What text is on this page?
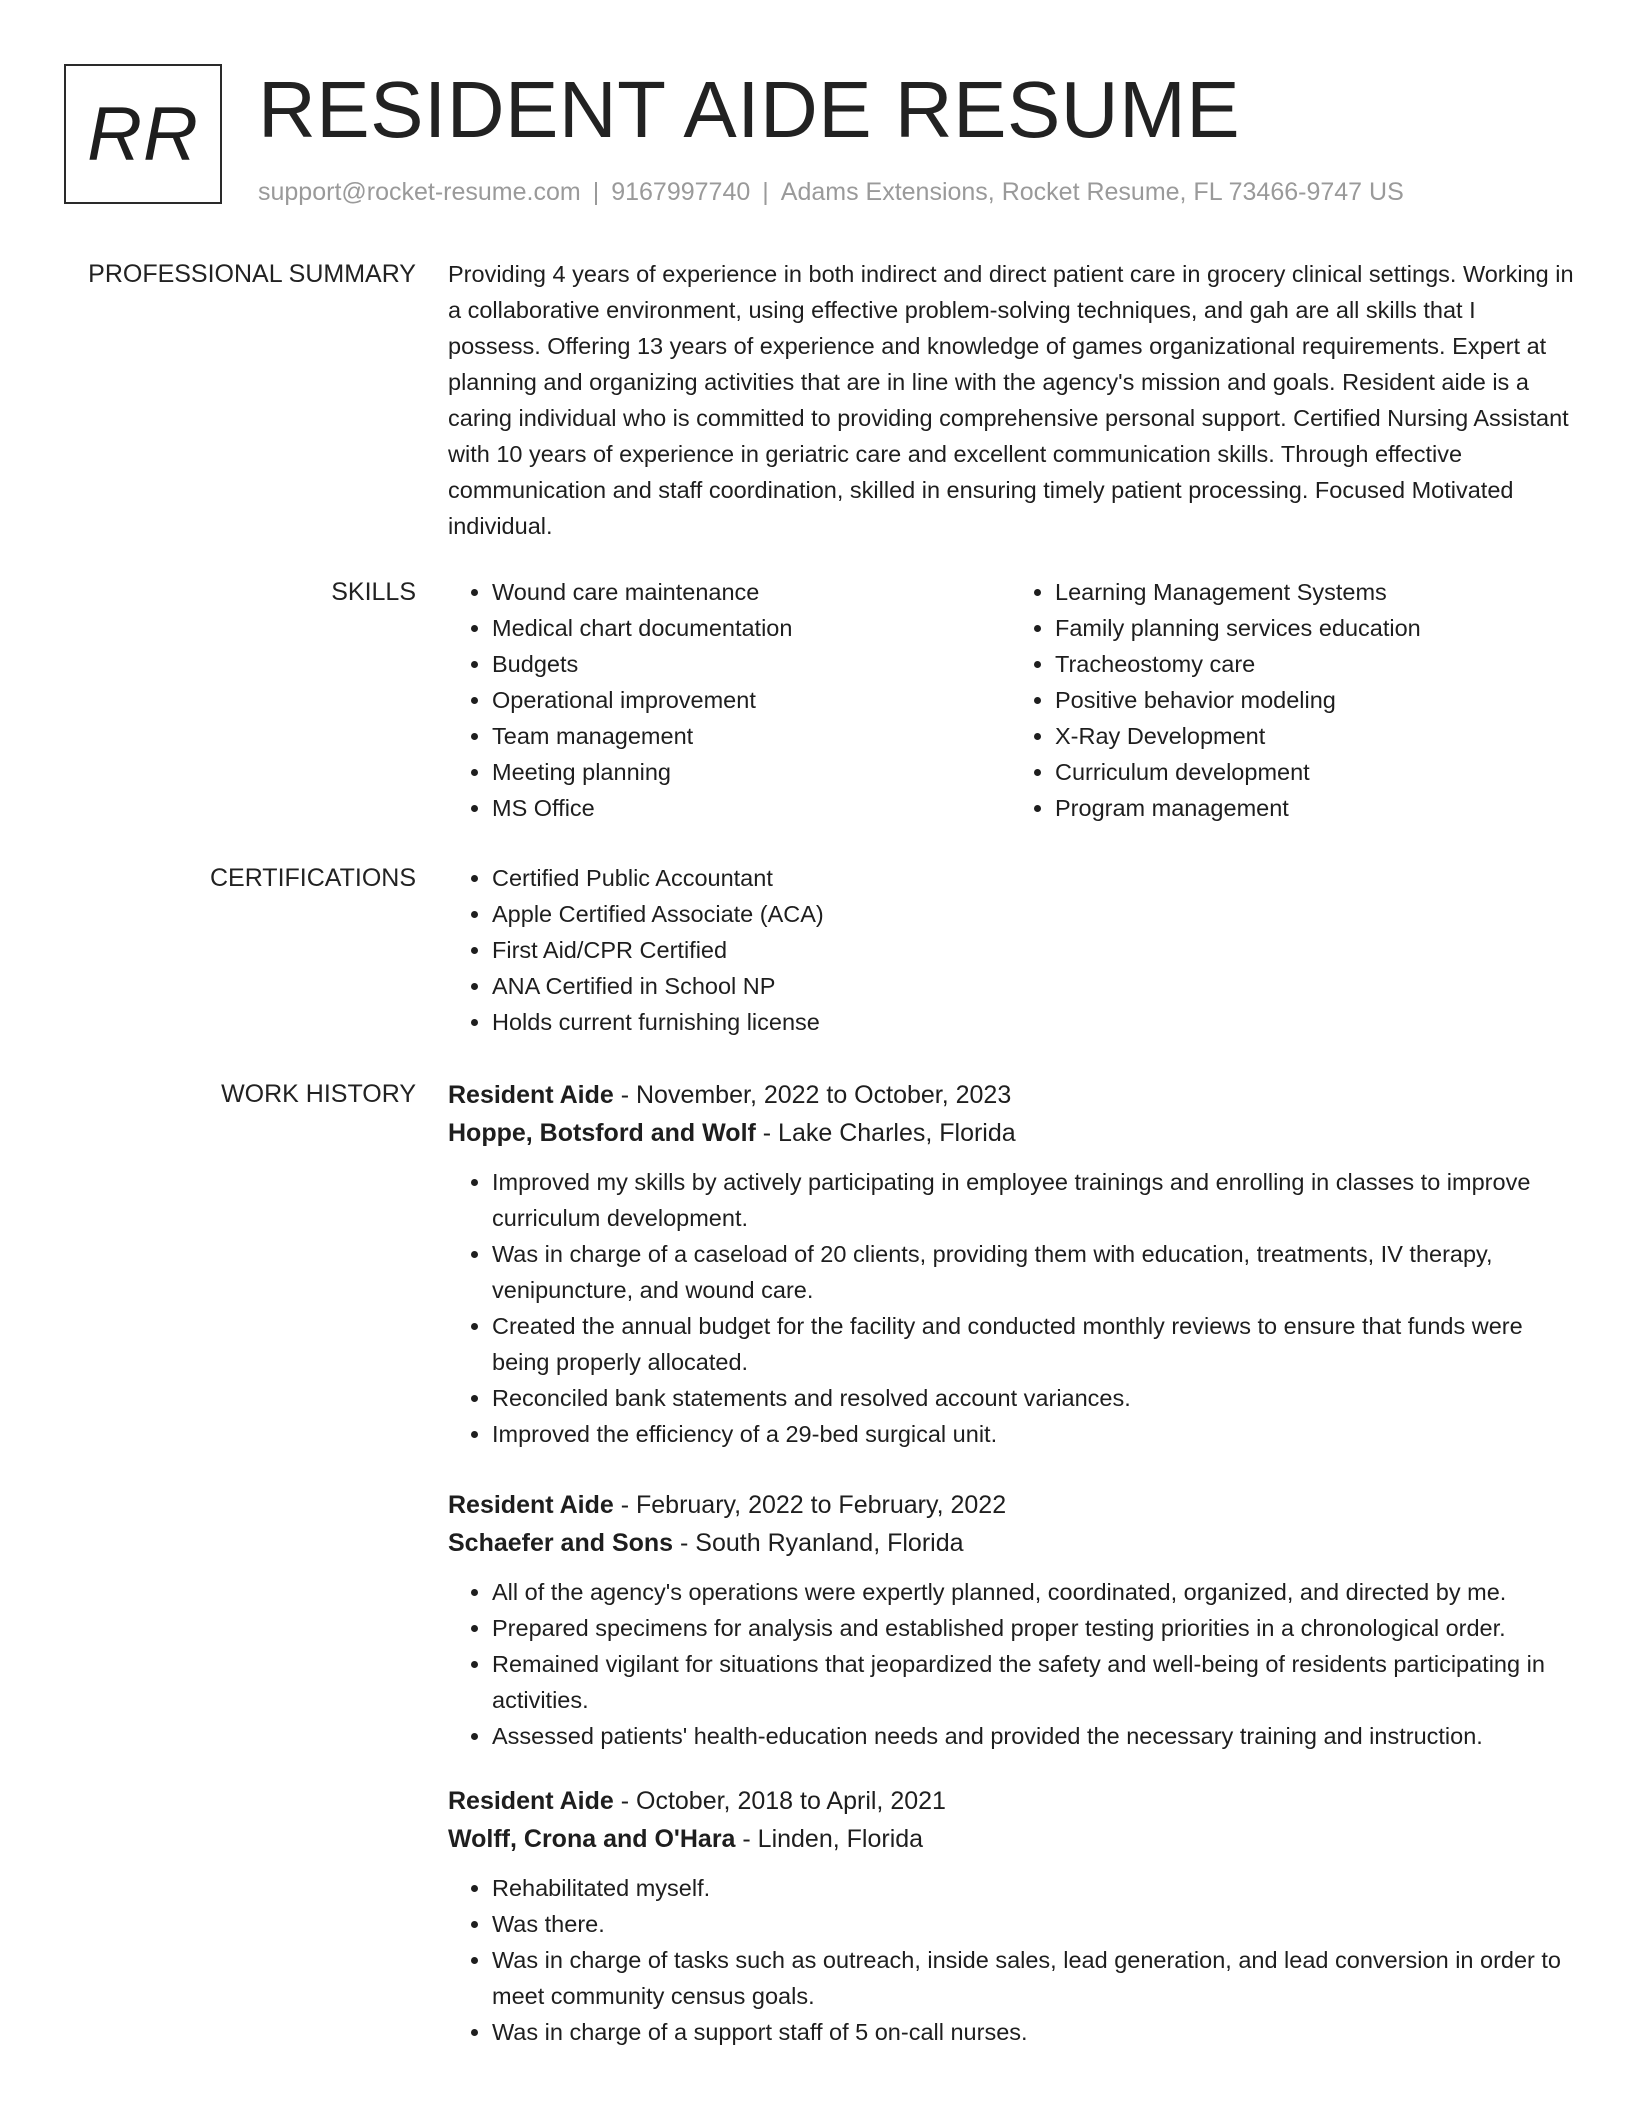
RR RESIDENT AIDE RESUME
support@rocket-resume.com | 9167997740 | Adams Extensions, Rocket Resume, FL 73466-9747 US
PROFESSIONAL SUMMARY Providing 4 years of experience in both indirect and direct patient care in grocery clinical settings. Working in a collaborative environment, using effective problem-solving techniques, and gah are all skills that I possess. Offering 13 years of experience and knowledge of games organizational requirements. Expert at planning and organizing activities that are in line with the agency's mission and goals. Resident aide is a caring individual who is committed to providing comprehensive personal support. Certified Nursing Assistant with 10 years of experience in geriatric care and excellent communication skills. Through effective communication and staff coordination, skilled in ensuring timely patient processing. Focused Motivated individual.
SKILLS	• Wound care maintenance
• Medical chart documentation
• Budgets
• Operational improvement
• Team management
• Meeting planning
• MS Office
• Learning Management Systems
• Family planning services education
• Tracheostomy care
• Positive behavior modeling
• X-Ray Development
• Curriculum development
• Program management
CERTIFICATIONS	• Certified Public Accountant
• Apple Certified Associate (ACA)
• First Aid/CPR Certified
• ANA Certified in School NP
• Holds current furnishing license
WORK HISTORY Resident Aide - November, 2022 to October, 2023
Hoppe, Botsford and Wolf - Lake Charles, Florida
• Improved my skills by actively participating in employee trainings and enrolling in classes to improve curriculum development.
• Was in charge of a caseload of 20 clients, providing them with education, treatments, IV therapy, venipuncture, and wound care.
• Created the annual budget for the facility and conducted monthly reviews to ensure that funds were being properly allocated.
• Reconciled bank statements and resolved account variances.
• Improved the efficiency of a 29-bed surgical unit.
Resident Aide - February, 2022 to February, 2022
Schaefer and Sons - South Ryanland, Florida
• All of the agency's operations were expertly planned, coordinated, organized, and directed by me.
• Prepared specimens for analysis and established proper testing priorities in a chronological order.
• Remained vigilant for situations that jeopardized the safety and well-being of residents participating in activities.
• Assessed patients' health-education needs and provided the necessary training and instruction.
Resident Aide - October, 2018 to April, 2021
Wolff, Crona and O'Hara - Linden, Florida
• Rehabilitated myself.
• Was there.
• Was in charge of tasks such as outreach, inside sales, lead generation, and lead conversion in order to meet community census goals.
• Was in charge of a support staff of 5 on-call nurses.
